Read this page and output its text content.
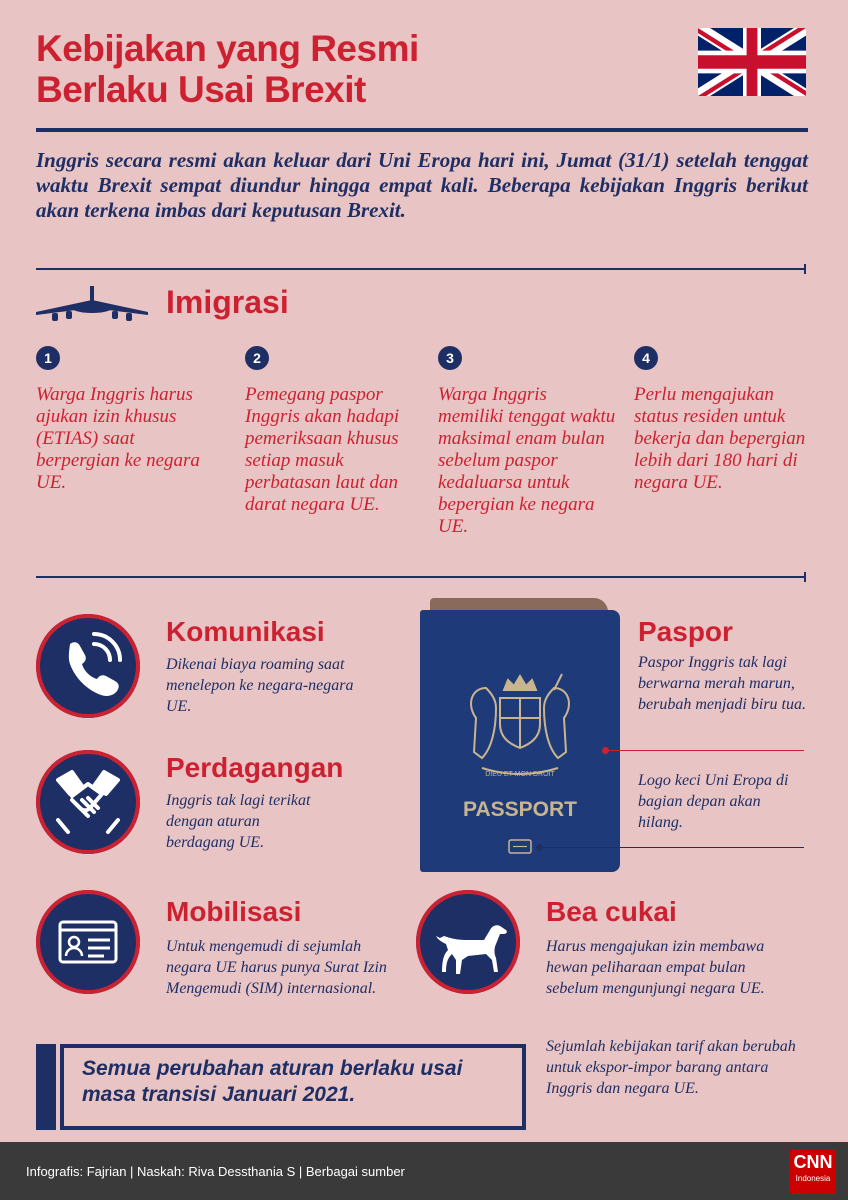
Kebijakan yang Resmi
Berlaku Usai Brexit
Inggris secara resmi akan keluar dari Uni Eropa hari ini, Jumat (31/1) setelah tenggat waktu Brexit sempat diundur hingga empat kali. Beberapa kebijakan Inggris berikut akan terkena imbas dari keputusan Brexit.
Imigrasi
1
Warga Inggris harus ajukan izin khusus (ETIAS) saat berpergian ke negara UE.
2
Pemegang paspor Inggris akan hadapi pemeriksaan khusus setiap masuk perbatasan laut dan darat negara UE.
3
Warga Inggris memiliki tenggat waktu maksimal enam bulan sebelum paspor kedaluarsa untuk bepergian ke negara UE.
4
Perlu mengajukan status residen untuk bekerja dan bepergian lebih dari 180 hari di negara UE.
Komunikasi
Dikenai biaya roaming saat menelepon ke negara-negara UE.
Perdagangan
Inggris tak lagi terikat dengan aturan berdagang UE.
Mobilisasi
Untuk mengemudi di sejumlah negara UE harus punya Surat Izin Mengemudi (SIM) internasional.
DIEU ET MON DROIT
PASSPORT
Paspor
Paspor Inggris tak lagi berwarna merah marun, berubah menjadi biru tua.
Logo keci Uni Eropa di bagian depan akan hilang.
Bea cukai
Harus mengajukan izin membawa hewan peliharaan empat bulan sebelum mengunjungi negara UE.
Sejumlah kebijakan tarif akan berubah untuk ekspor-impor barang antara Inggris dan negara UE.
Semua perubahan aturan berlaku usai masa transisi Januari 2021.
Infografis: Fajrian | Naskah: Riva Dessthania S | Berbagai sumber	CNN
Indonesia
